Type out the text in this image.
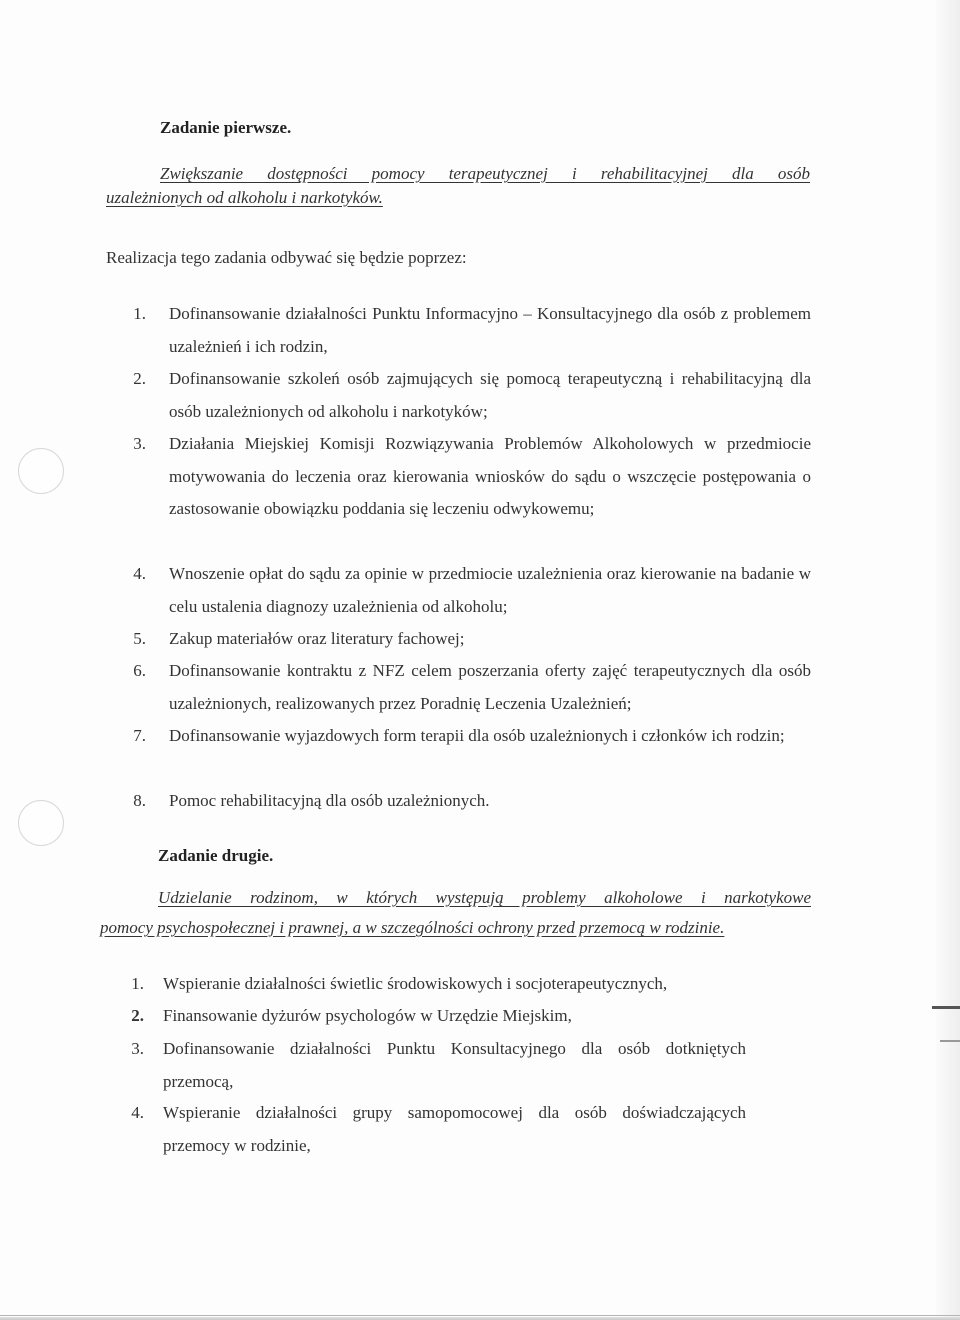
Zadanie pierwsze.
Zwiększanie dostępności pomocy terapeutycznej i rehabilitacyjnej dla osób
uzależnionych od alkoholu i narkotyków.
Realizacja tego zadania odbywać się będzie poprzez:
1. Dofinansowanie działalności Punktu Informacyjno – Konsultacyjnego dla osób z problemem uzależnień i ich rodzin,
2. Dofinansowanie szkoleń osób zajmujących się pomocą terapeutyczną i rehabilitacyjną dla osób uzależnionych od alkoholu i narkotyków;
3. Działania Miejskiej Komisji Rozwiązywania Problemów Alkoholowych w przedmiocie motywowania do leczenia oraz kierowania wniosków do sądu o wszczęcie postępowania o zastosowanie obowiązku poddania się leczeniu odwykowemu;
4. Wnoszenie opłat do sądu za opinie w przedmiocie uzależnienia oraz kierowanie na badanie w celu ustalenia diagnozy uzależnienia od alkoholu;
5. Zakup materiałów oraz literatury fachowej;
6. Dofinansowanie kontraktu z NFZ celem poszerzania oferty zajęć terapeutycznych dla osób uzależnionych, realizowanych przez Poradnię Leczenia Uzależnień;
7. Dofinansowanie wyjazdowych form terapii dla osób uzależnionych i członków ich rodzin;
8. Pomoc rehabilitacyjną dla osób uzależnionych.
Zadanie drugie.
Udzielanie rodzinom, w których występują problemy alkoholowe i narkotykowe
pomocy psychospołecznej i prawnej, a w szczególności ochrony przed przemocą w rodzinie.
1. Wspieranie działalności świetlic środowiskowych i socjoterapeutycznych,
2. Finansowanie dyżurów psychologów w Urzędzie Miejskim,
3. Dofinansowanie działalności Punktu Konsultacyjnego dla osób dotkniętych przemocą,
4. Wspieranie działalności grupy samopomocowej dla osób doświadczających przemocy w rodzinie,
